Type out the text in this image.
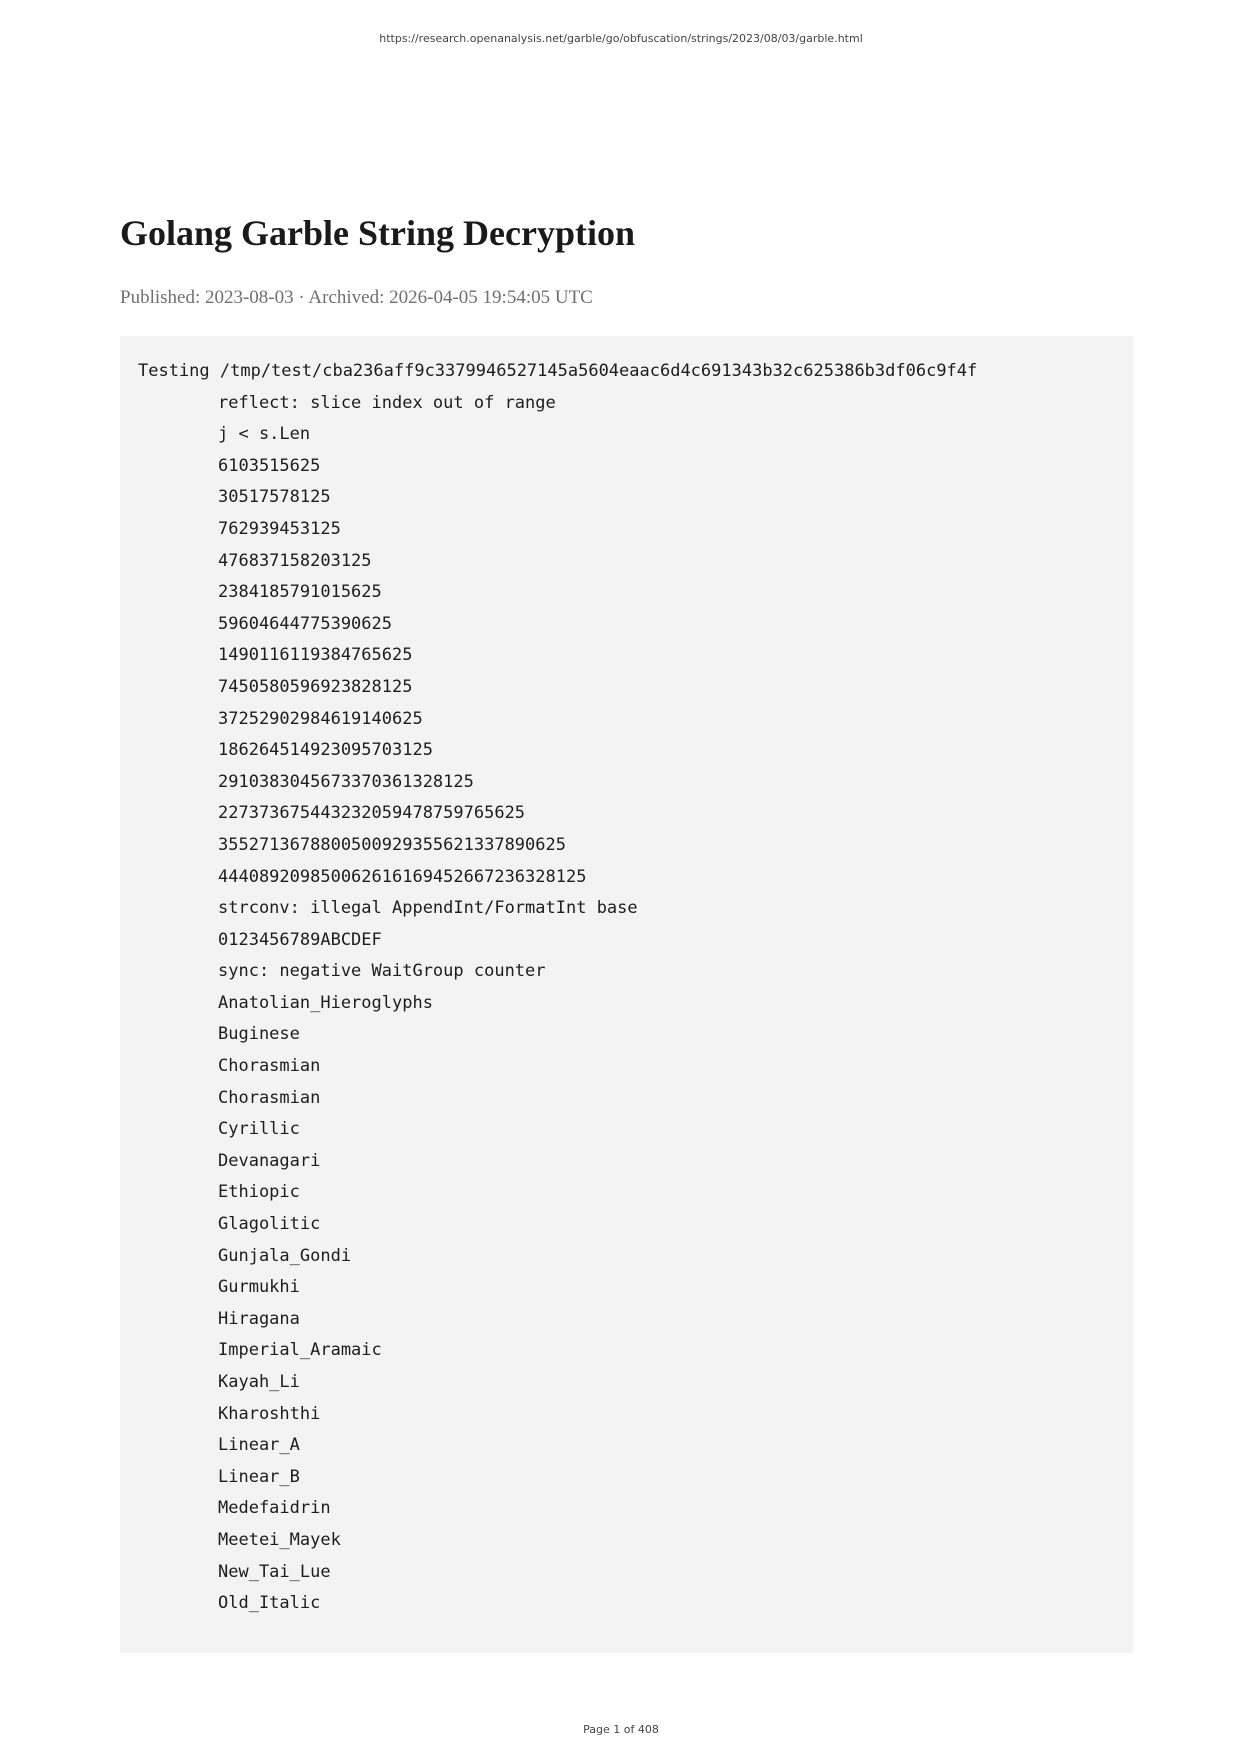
https://research.openanalysis.net/garble/go/obfuscation/strings/2023/08/03/garble.html
Golang Garble String Decryption
Published: 2023-08-03 · Archived: 2026-04-05 19:54:05 UTC
Testing /tmp/test/cba236aff9c3379946527145a5604eaac6d4c691343b32c625386b3df06c9f4f
reflect: slice index out of range
j < s.Len
6103515625
30517578125
762939453125
476837158203125
2384185791015625
59604644775390625
1490116119384765625
7450580596923828125
37252902984619140625
186264514923095703125
2910383045673370361328125
227373675443232059478759765625
3552713678800500929355621337890625
444089209850062616169452667236328125
strconv: illegal AppendInt/FormatInt base
0123456789ABCDEF
sync: negative WaitGroup counter
Anatolian_Hieroglyphs
Buginese
Chorasmian
Chorasmian
Cyrillic
Devanagari
Ethiopic
Glagolitic
Gunjala_Gondi
Gurmukhi
Hiragana
Imperial_Aramaic
Kayah_Li
Kharoshthi
Linear_A
Linear_B
Medefaidrin
Meetei_Mayek
New_Tai_Lue
Old_Italic
Page 1 of 408
